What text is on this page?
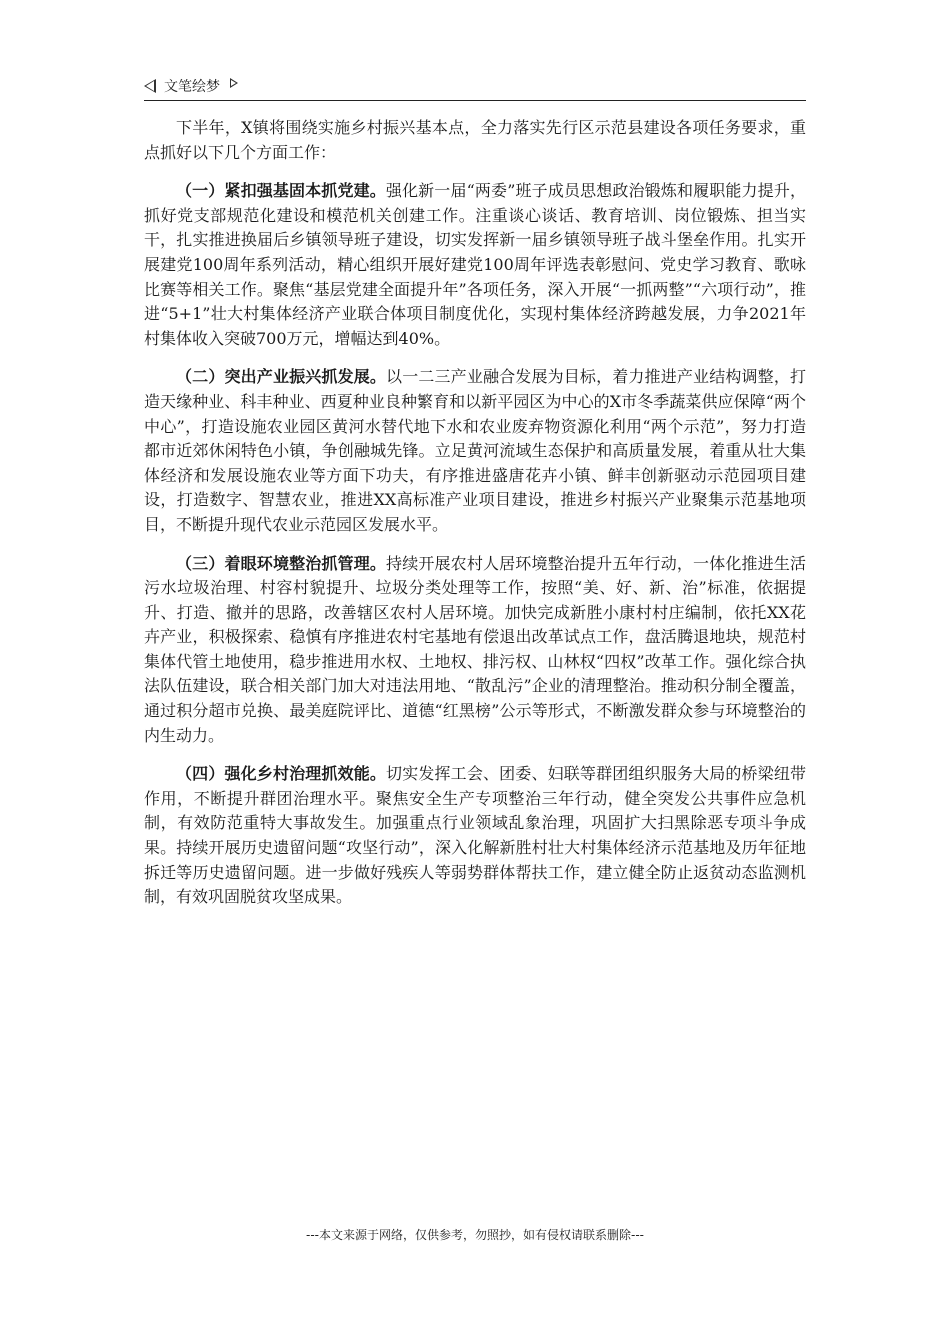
文笔绘梦

下半年，X镇将围绕实施乡村振兴基本点，全力落实先行区示范县建设各项任务要求，重点抓好以下几个方面工作：

（一）紧扣强基固本抓党建。强化新一届“两委”班子成员思想政治锻炼和履职能力提升，抓好党支部规范化建设和模范机关创建工作。注重谈心谈话、教育培训、岗位锻炼、担当实干，扎实推进换届后乡镇领导班子建设，切实发挥新一届乡镇领导班子战斗堡垒作用。扎实开展建党100周年系列活动，精心组织开展好建党100周年评选表彰慰问、党史学习教育、歌咏比赛等相关工作。聚焦“基层党建全面提升年”各项任务，深入开展“一抓两整”“六项行动”，推进“5+1”壮大村集体经济产业联合体项目制度优化，实现村集体经济跨越发展，力争2021年村集体收入突破700万元，增幅达到40%。

（二）突出产业振兴抓发展。以一二三产业融合发展为目标，着力推进产业结构调整，打造天缘种业、科丰种业、西夏种业良种繁育和以新平园区为中心的X市冬季蔬菜供应保障“两个中心”，打造设施农业园区黄河水替代地下水和农业废弃物资源化利用“两个示范”，努力打造都市近郊休闲特色小镇，争创融城先锋。立足黄河流域生态保护和高质量发展，着重从壮大集体经济和发展设施农业等方面下功夫，有序推进盛唐花卉小镇、鲜丰创新驱动示范园项目建设，打造数字、智慧农业，推进XX高标准产业项目建设，推进乡村振兴产业聚集示范基地项目，不断提升现代农业示范园区发展水平。

（三）着眼环境整治抓管理。持续开展农村人居环境整治提升五年行动，一体化推进生活污水垃圾治理、村容村貌提升、垃圾分类处理等工作，按照“美、好、新、治”标准，依据提升、打造、撤并的思路，改善辖区农村人居环境。加快完成新胜小康村村庄编制，依托XX花卉产业，积极探索、稳慎有序推进农村宅基地有偿退出改革试点工作，盘活腾退地块，规范村集体代管土地使用，稳步推进用水权、土地权、排污权、山林权“四权”改革工作。强化综合执法队伍建设，联合相关部门加大对违法用地、“散乱污”企业的清理整治。推动积分制全覆盖，通过积分超市兑换、最美庭院评比、道德“红黑榜”公示等形式，不断激发群众参与环境整治的内生动力。

（四）强化乡村治理抓效能。切实发挥工会、团委、妇联等群团组织服务大局的桥梁纽带作用，不断提升群团治理水平。聚焦安全生产专项整治三年行动，健全突发公共事件应急机制，有效防范重特大事故发生。加强重点行业领域乱象治理，巩固扩大扫黑除恶专项斗争成果。持续开展历史遗留问题“攻坚行动”，深入化解新胜村壮大村集体经济示范基地及历年征地拆迁等历史遗留问题。进一步做好残疾人等弱势群体帮扶工作，建立健全防止返贫动态监测机制，有效巩固脱贫攻坚成果。

---本文来源于网络，仅供参考，勿照抄，如有侵权请联系删除---
